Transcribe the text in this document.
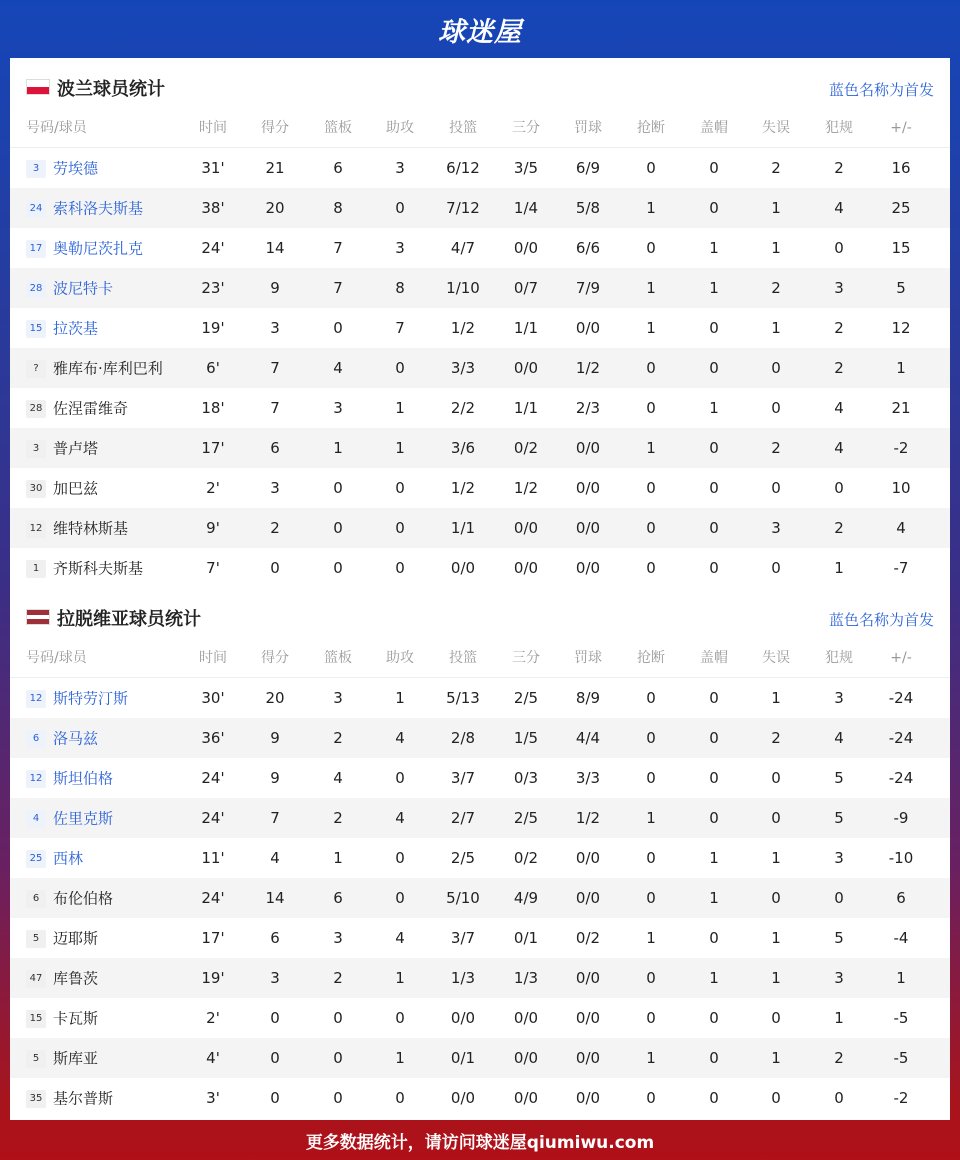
球迷屋
波兰球员统计	蓝色名称为首发
号码/球员	时间	得分	篮板	助攻	投篮	三分	罚球	抢断	盖帽	失误	犯规	+/-
3 劳埃德	31'	21	6	3	6/12	3/5	6/9	0	0	2	2	16
24 索科洛夫斯基	38'	20	8	0	7/12	1/4	5/8	1	0	1	4	25
17 奥勒尼茨扎克	24'	14	7	3	4/7	0/0	6/6	0	1	1	0	15
28 波尼特卡	23'	9	7	8	1/10	0/7	7/9	1	1	2	3	5
15 拉茨基	19'	3	0	7	1/2	1/1	0/0	1	0	1	2	12
? 雅库布·库利巴利	6'	7	4	0	3/3	0/0	1/2	0	0	0	2	1
28 佐涅雷维奇	18'	7	3	1	2/2	1/1	2/3	0	1	0	4	21
3 普卢塔	17'	6	1	1	3/6	0/2	0/0	1	0	2	4	-2
30 加巴兹	2'	3	0	0	1/2	1/2	0/0	0	0	0	0	10
12 维特林斯基	9'	2	0	0	1/1	0/0	0/0	0	0	3	2	4
1 齐斯科夫斯基	7'	0	0	0	0/0	0/0	0/0	0	0	0	1	-7
拉脱维亚球员统计	蓝色名称为首发
号码/球员	时间	得分	篮板	助攻	投篮	三分	罚球	抢断	盖帽	失误	犯规	+/-
12 斯特劳汀斯	30'	20	3	1	5/13	2/5	8/9	0	0	1	3	-24
6 洛马兹	36'	9	2	4	2/8	1/5	4/4	0	0	2	4	-24
12 斯坦伯格	24'	9	4	0	3/7	0/3	3/3	0	0	0	5	-24
4 佐里克斯	24'	7	2	4	2/7	2/5	1/2	1	0	0	5	-9
25 西林	11'	4	1	0	2/5	0/2	0/0	0	1	1	3	-10
6 布伦伯格	24'	14	6	0	5/10	4/9	0/0	0	1	0	0	6
5 迈耶斯	17'	6	3	4	3/7	0/1	0/2	1	0	1	5	-4
47 库鲁茨	19'	3	2	1	1/3	1/3	0/0	0	1	1	3	1
15 卡瓦斯	2'	0	0	0	0/0	0/0	0/0	0	0	0	1	-5
5 斯库亚	4'	0	0	1	0/1	0/0	0/0	1	0	1	2	-5
35 基尔普斯	3'	0	0	0	0/0	0/0	0/0	0	0	0	0	-2
更多数据统计，请访问球迷屋qiumiwu.com
